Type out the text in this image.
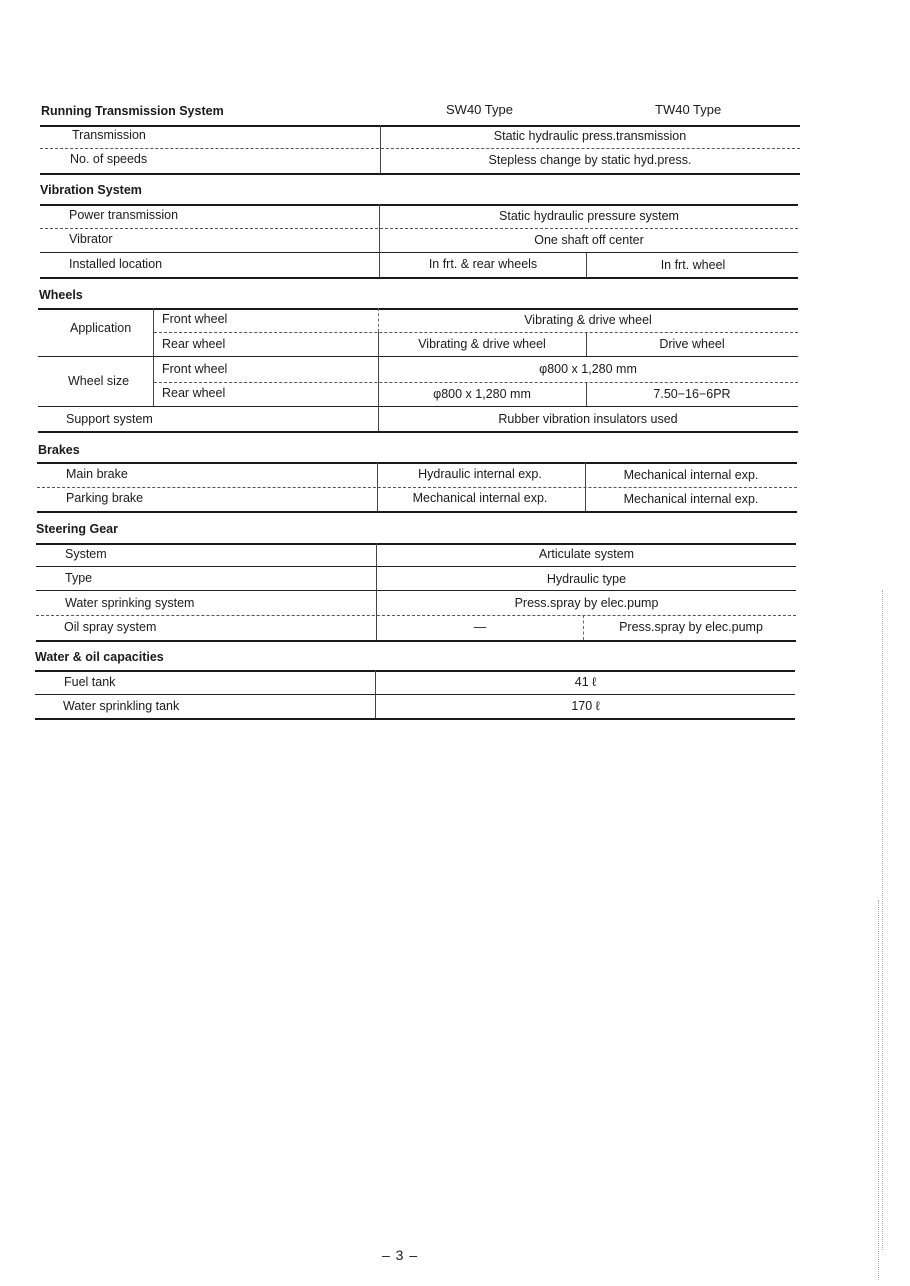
Running Transmission System	SW40 Type	TW40 Type
Transmission	Static hydraulic press.transmission
No. of speeds	Stepless change by static hyd.press.
Vibration System
Power transmission	Static hydraulic pressure system
Vibrator	One shaft off center
Installed location	In frt. & rear wheels	In frt. wheel
Wheels
Application
Front wheel	Vibrating & drive wheel
Rear wheel	Vibrating & drive wheel	Drive wheel
Wheel size
Front wheel	φ800 x 1,280 mm
Rear wheel	φ800 x 1,280 mm	7.50−16−6PR
Support system	Rubber vibration insulators used
Brakes
Main brake	Hydraulic internal exp.	Mechanical internal exp.
Parking brake	Mechanical internal exp.	Mechanical internal exp.
Steering Gear
System	Articulate system
Type	Hydraulic type
Water sprinking system	Press.spray by elec.pump
Oil spray system	—	Press.spray by elec.pump
Water & oil capacities
Fuel tank	41 ℓ
Water sprinkling tank	170 ℓ
– 3 –
